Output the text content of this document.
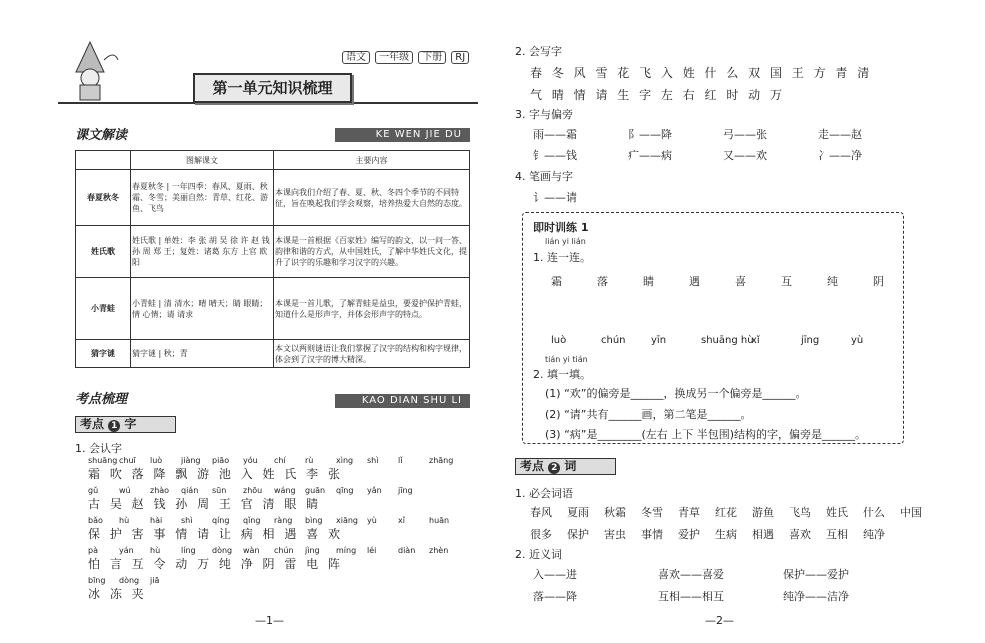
语文 一年级 下册 RJ
第一单元知识梳理
课文解读	KE WEN JIE DU
	图解课文	主要内容
春夏秋冬	春夏秋冬 | 一年四季：春风、夏雨、秋霜、冬雪；美丽自然：青草、红花、游鱼、飞鸟	本课向我们介绍了春、夏、秋、冬四个季节的不同特征，旨在唤起我们学会观察，培养热爱大自然的态度。
姓氏歌	姓氏歌 | 单姓：李 张 胡 吴 徐 许 赵 钱 孙 周 郑 王；复姓：诸葛 东方 上官 欧阳	本课是一首根据《百家姓》编写的韵文，以一问一答、韵律和谐的方式，从中国姓氏，了解中华姓氏文化，提升了识字的乐趣和学习汉字的兴趣。
小青蛙	小青蛙 | 清 清水；晴 晴天；睛 眼睛；情 心情；请 请求	本课是一首儿歌，了解青蛙是益虫，要爱护保护青蛙，知道什么是形声字，并体会形声字的特点。
猜字谜	猜字谜 | 秋；青	本文以两则谜语让我们掌握了汉字的结构和构字规律，体会到了汉字的博大精深。
考点梳理	KAO DIAN SHU LI
考点 1 字
1. 会认字
shuāng chuī luò jiàng piāo yóu chí rù	xìng shì lǐ	zhāng
霜 吹 落 降 飘 游 池 入 姓 氏 李 张
gǔ	wú zhào qián sūn zhōu wáng guān qīng yǎn jīng
古 吴 赵 钱 孙 周 王 官 清 眼 睛
bǎo hù	hài shì qíng qǐng ràng bìng xiāng yù	xǐ	huān
保 护 害 事 情 请 让 病 相 遇 喜 欢
pà	yán hù	líng dòng wàn chún jìng míng léi	diàn zhèn
怕 言 互 令 动 万 纯 净 阴 雷 电 阵
bīng dòng jiā
冰 冻 夹
—1—
2. 会写字
春 冬 风 雪 花 飞 入 姓 什 么 双 国 王 方 青 清
气 晴 情 请 生 字 左 右 红 时 动 万
3. 字与偏旁
雨——霜	阝——降	弓——张	走——赵
钅——钱	疒——病	又——欢	冫——净
4. 笔画与字
讠——请
即时训练 1
lián yi lián
1. 连一连。
霜	落	睛	遇	喜	互	纯	阴
luò	chún	yīn	shuāng hù
xǐ	jīng	yù
tián yi tián
2. 填一填。
(1) “欢”的偏旁是______，换成另一个偏旁是______。
(2) “请”共有______画，第二笔是______。
(3) “病”是________(左右 上下 半包围)结构的字，偏旁是______。
考点 2 词
1. 必会词语
春风 夏雨 秋霜 冬雪 青草 红花 游鱼 飞鸟 姓氏 什么 中国
很多 保护 害虫 事情 爱护 生病 相遇 喜欢 互相 纯净
2. 近义词
入——进	喜欢——喜爱	保护——爱护
落——降	互相——相互	纯净——洁净
—2—
